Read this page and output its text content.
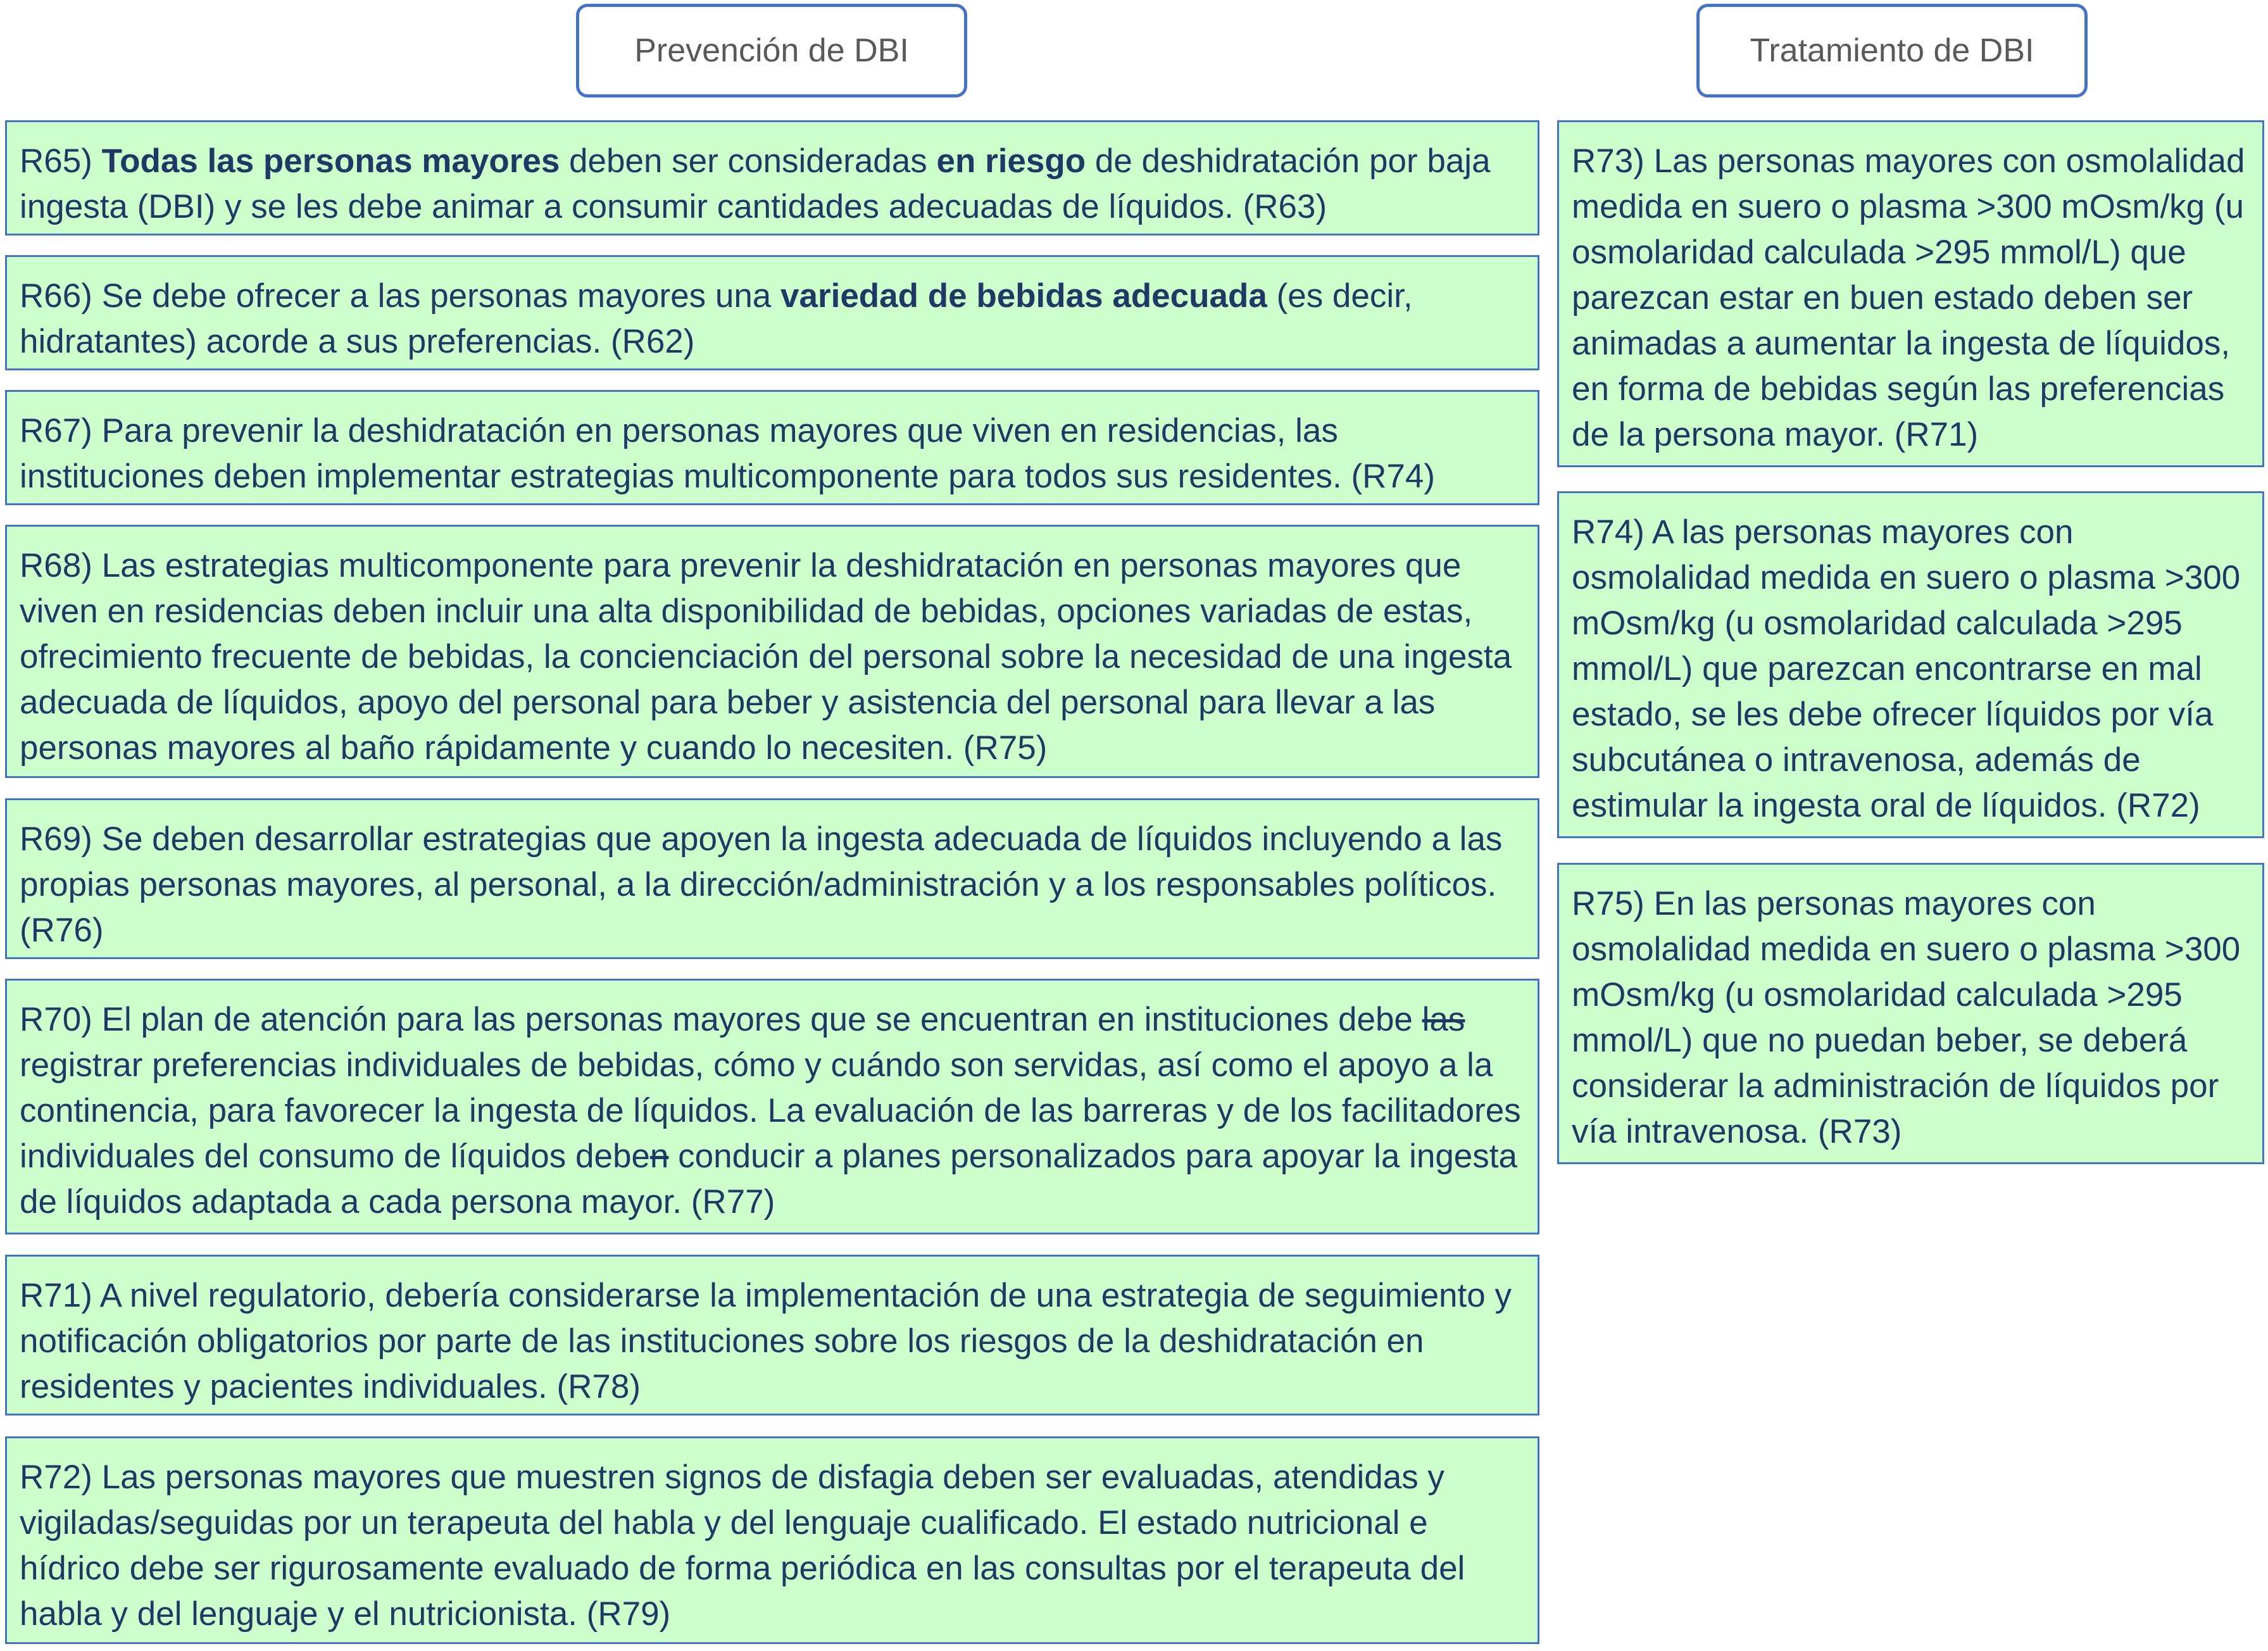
Prevención de DBI	Tratamiento de DBI

R65) Todas las personas mayores deben ser consideradas en riesgo de deshidratación por baja ingesta (DBI) y se les debe animar a consumir cantidades adecuadas de líquidos. (R63)

R66) Se debe ofrecer a las personas mayores una variedad de bebidas adecuada (es decir, hidratantes) acorde a sus preferencias. (R62)

R67) Para prevenir la deshidratación en personas mayores que viven en residencias, las instituciones deben implementar estrategias multicomponente para todos sus residentes. (R74)

R68) Las estrategias multicomponente para prevenir la deshidratación en personas mayores que viven en residencias deben incluir una alta disponibilidad de bebidas, opciones variadas de estas, ofrecimiento frecuente de bebidas, la concienciación del personal sobre la necesidad de una ingesta adecuada de líquidos, apoyo del personal para beber y asistencia del personal para llevar a las personas mayores al baño rápidamente y cuando lo necesiten. (R75)

R69) Se deben desarrollar estrategias que apoyen la ingesta adecuada de líquidos incluyendo a las propias personas mayores, al personal, a la dirección/administración y a los responsables políticos. (R76)

R70) El plan de atención para las personas mayores que se encuentran en instituciones debe las registrar preferencias individuales de bebidas, cómo y cuándo son servidas, así como el apoyo a la continencia, para favorecer la ingesta de líquidos. La evaluación de las barreras y de los facilitadores individuales del consumo de líquidos deben conducir a planes personalizados para apoyar la ingesta de líquidos adaptada a cada persona mayor. (R77)

R71) A nivel regulatorio, debería considerarse la implementación de una estrategia de seguimiento y notificación obligatorios por parte de las instituciones sobre los riesgos de la deshidratación en residentes y pacientes individuales. (R78)

R72) Las personas mayores que muestren signos de disfagia deben ser evaluadas, atendidas y vigiladas/seguidas por un terapeuta del habla y del lenguaje cualificado. El estado nutricional e hídrico debe ser rigurosamente evaluado de forma periódica en las consultas por el terapeuta del habla y del lenguaje y el nutricionista. (R79)

R73) Las personas mayores con osmolalidad medida en suero o plasma >300 mOsm/kg (u osmolaridad calculada >295 mmol/L) que parezcan estar en buen estado deben ser animadas a aumentar la ingesta de líquidos, en forma de bebidas según las preferencias de la persona mayor. (R71)

R74) A las personas mayores con osmolalidad medida en suero o plasma >300 mOsm/kg (u osmolaridad calculada >295 mmol/L) que parezcan encontrarse en mal estado, se les debe ofrecer líquidos por vía subcutánea o intravenosa, además de estimular la ingesta oral de líquidos. (R72)

R75) En las personas mayores con osmolalidad medida en suero o plasma >300 mOsm/kg (u osmolaridad calculada >295 mmol/L) que no puedan beber, se deberá considerar la administración de líquidos por vía intravenosa. (R73)
